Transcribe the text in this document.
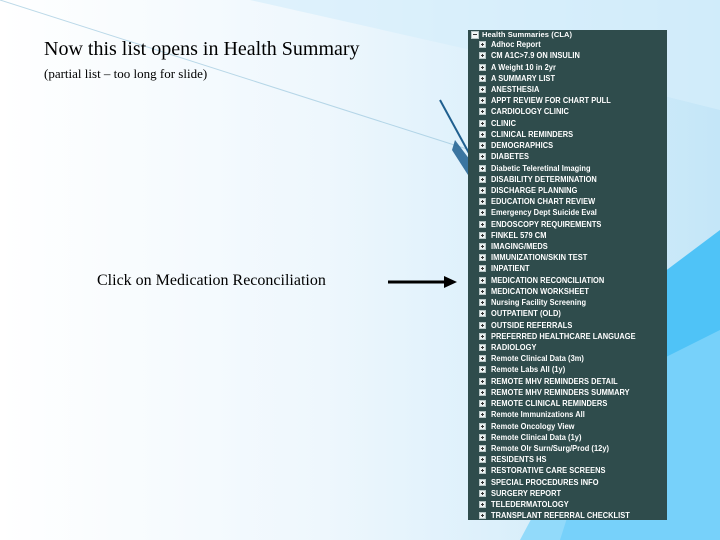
Now this list opens in Health Summary
(partial list – too long for slide)
Click on Medication Reconciliation
Health Summaries (CLA)
Adhoc Report
CM A1C>7.9 ON INSULIN
A Weight 10 in 2yr
A SUMMARY LIST
ANESTHESIA
APPT REVIEW FOR CHART PULL
CARDIOLOGY CLINIC
CLINIC
CLINICAL REMINDERS
DEMOGRAPHICS
DIABETES
Diabetic Teleretinal Imaging
DISABILITY DETERMINATION
DISCHARGE PLANNING
EDUCATION CHART REVIEW
Emergency Dept Suicide Eval
ENDOSCOPY REQUIREMENTS
FINKEL 579 CM
IMAGING/MEDS
IMMUNIZATION/SKIN TEST
INPATIENT
MEDICATION RECONCILIATION
MEDICATION WORKSHEET
Nursing Facility Screening
OUTPATIENT (OLD)
OUTSIDE REFERRALS
PREFERRED HEALTHCARE LANGUAGE
RADIOLOGY
Remote Clinical Data (3m)
Remote Labs All (1y)
REMOTE MHV REMINDERS DETAIL
REMOTE MHV REMINDERS SUMMARY
REMOTE CLINICAL REMINDERS
Remote Immunizations All
Remote Oncology View
Remote Clinical Data (1y)
Remote Olr Surn/Surg/Prod (12y)
RESIDENTS HS
RESTORATIVE CARE SCREENS
SPECIAL PROCEDURES INFO
SURGERY REPORT
TELEDERMATOLOGY
TRANSPLANT REFERRAL CHECKLIST
